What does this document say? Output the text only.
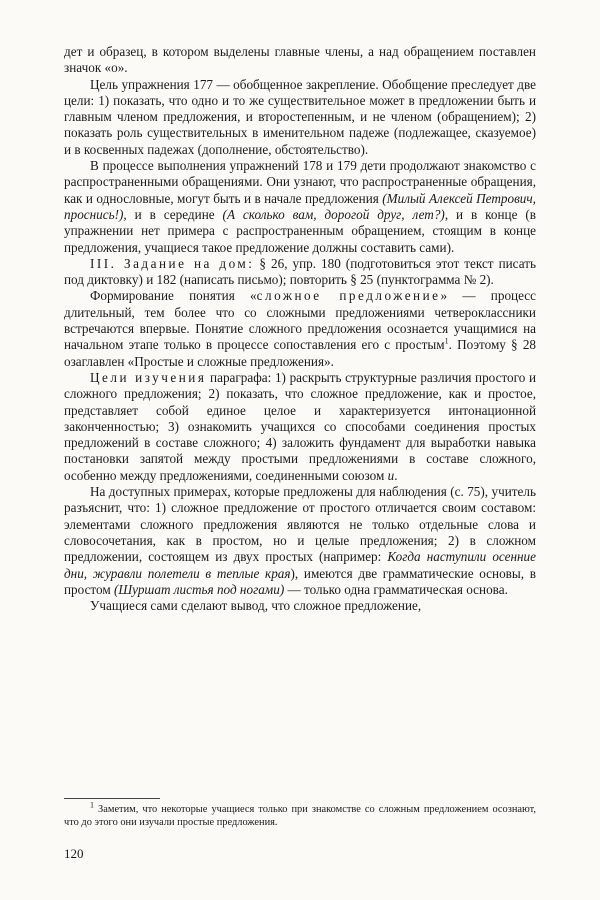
дет и образец, в котором выделены главные члены, а над обращением поставлен значок «о».

Цель упражнения 177 — обобщенное закрепление. Обобщение преследует две цели: 1) показать, что одно и то же существительное может в предложении быть и главным членом предложения, и второстепенным, и не членом (обращением); 2) показать роль существительных в именительном падеже (подлежащее, сказуемое) и в косвенных падежах (дополнение, обстоятельство).

В процессе выполнения упражнений 178 и 179 дети продолжают знакомство с распространенными обращениями. Они узнают, что распространенные обращения, как и однословные, могут быть и в начале предложения (Милый Алексей Петрович, проснись!), и в середине (А сколько вам, дорогой друг, лет?), и в конце (в упражнении нет примера с распространенным обращением, стоящим в конце предложения, учащиеся такое предложение должны составить сами).

III. Задание на дом: § 26, упр. 180 (подготовиться этот текст писать под диктовку) и 182 (написать письмо); повторить § 25 (пунктограмма № 2).

Формирование понятия «сложное предложение» — процесс длительный, тем более что со сложными предложениями четвероклассники встречаются впервые. Понятие сложного предложения осознается учащимися на начальном этапе только в процессе сопоставления его с простым$^1$. Поэтому § 28 озаглавлен «Простые и сложные предложения».

Цели изучения параграфа: 1) раскрыть структурные различия простого и сложного предложения; 2) показать, что сложное предложение, как и простое, представляет собой единое целое и характеризуется интонационной законченностью; 3) ознакомить учащихся со способами соединения простых предложений в составе сложного; 4) заложить фундамент для выработки навыка постановки запятой между простыми предложениями в составе сложного, особенно между предложениями, соединенными союзом и.

На доступных примерах, которые предложены для наблюдения (с. 75), учитель разъяснит, что: 1) сложное предложение от простого отличается своим составом: элементами сложного предложения являются не только отдельные слова и словосочетания, как в простом, но и целые предложения; 2) в сложном предложении, состоящем из двух простых (например: Когда наступили осенние дни, журавли полетели в теплые края), имеются две грамматические основы, в простом (Шуршат листья под ногами) — только одна грамматическая основа.

Учащиеся сами сделают вывод, что сложное предложение,

$^1$ Заметим, что некоторые учащиеся только при знакомстве со сложным предложением осознают, что до этого они изучали простые предложения.
120
